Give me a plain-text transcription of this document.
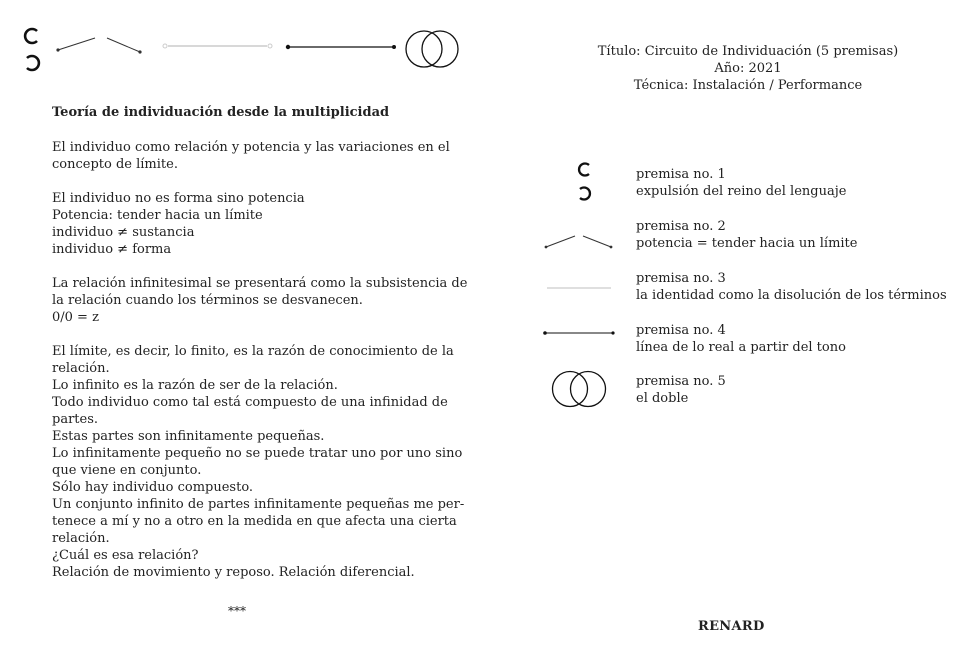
Teoría de individuación desde la multiplicidad
El individuo como relación y potencia y las variaciones en el
concepto de límite.
El individuo no es forma sino potencia
Potencia: tender hacia un límite
individuo ≠ sustancia
individuo ≠ forma
La relación infinitesimal se presentará como la subsistencia de
la relación cuando los términos se desvanecen.
0/0 = z
El límite, es decir, lo finito, es la razón de conocimiento de la
relación.
Lo infinito es la razón de ser de la relación.
Todo individuo como tal está compuesto de una infinidad de
partes.
Estas partes son infinitamente pequeñas.
Lo infinitamente pequeño no se puede tratar uno por uno sino
que viene en conjunto.
Sólo hay individuo compuesto.
Un conjunto infinito de partes infinitamente pequeñas me per-
tenece a mí y no a otro en la medida en que afecta una cierta
relación.
¿Cuál es esa relación?
Relación de movimiento y reposo. Relación diferencial.
***
Título: Circuito de Individuación (5 premisas)
Año: 2021
Técnica: Instalación / Performance
premisa no. 1
expulsión del reino del lenguaje
premisa no. 2
potencia = tender hacia un límite
premisa no. 3
la identidad como la disolución de los términos
premisa no. 4
línea de lo real a partir del tono
premisa no. 5
el doble
RENARD
